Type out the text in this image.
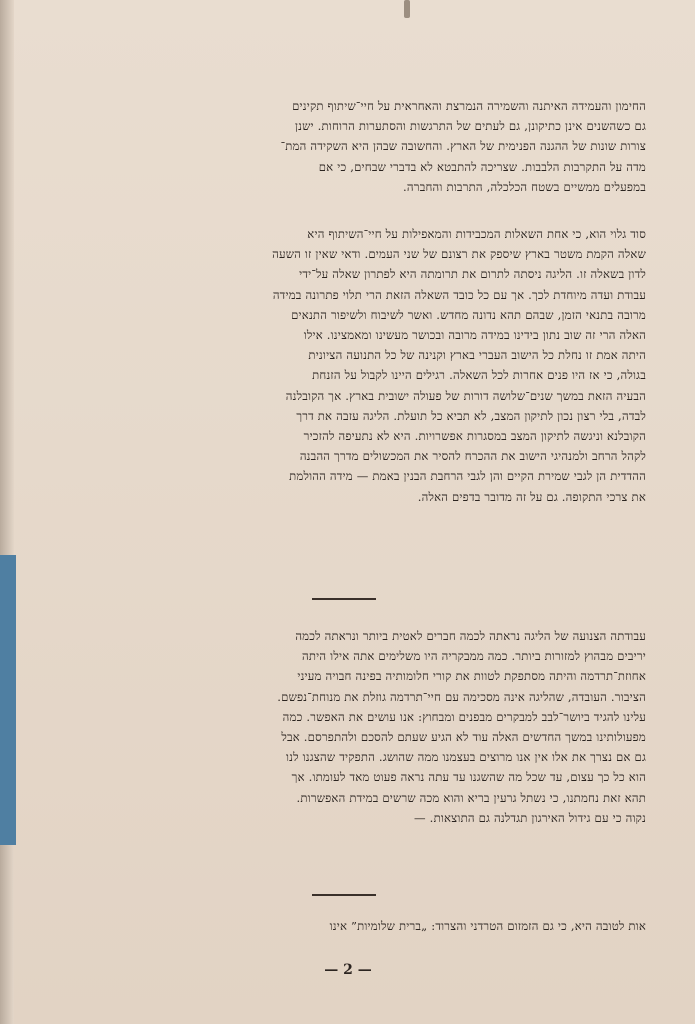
החימון והעמידה האיתנה והשמירה הנמרצת והאחראית על חיי־שיתוף תקינים
גם כשהשנים אינן כתיקונן, גם לעתים של התרגשות והסתערות הרוחות. ישנן
צורות שונות של ההגנה הפנימית של הארץ. והחשובה שבהן היא השקידה המת־
מדה על התקרבות הלבבות. שצריכה להתבטא לא בדברי שבחים, כי אם
במפעלים ממשיים בשטח הכלכלה, התרבות והחברה.
סוד גלוי הוא, כי אחת השאלות המכבידות והמאפילות על חיי־השיתוף היא
שאלה הקמת משטר בארץ שיספק את רצונם של שני העמים. ודאי שאין זו השעה
לדון בשאלה זו. הליגה ניסתה לתרום את תרומתה היא לפתרון שאלה על־ידי
עבודת ועדה מיוחדת לכך. אך עם כל כובד השאלה הזאת הרי תלוי פתרונה במידה
מרובה בתנאי הזמן, שבהם תהא נדונה מחדש. ואשר לשיבוח ולשיפור התנאים
האלה הרי זה שוב נתון בידינו במידה מרובה ובכושר מעשינו ומאמצינו. אילו
היתה אמת זו נחלת כל הישוב העברי בארץ וקנינה של כל התנועה הציונית
בגולה, כי אז היו פנים אחרות לכל השאלה. רגילים היינו לקבול על הזנחת
הבעיה הזאת במשך שנים־שלושה דורות של פעולה ישובית בארץ. אך הקובלנה
לבדה, בלי רצון נכון לתיקון המצב, לא תביא כל תועלת. הליגה עזבה את דרך
הקובלנא וניגשה לתיקון המצב במסגרות אפשרויות. היא לא נתעיפה להזכיר
לקהל הרחב ולמנהיגי הישוב את ההכרח להסיר את המכשולים מדרך ההבנה
ההדדית הן לגבי שמירת הקיים והן לגבי הרחבת הבנין באמת — מידה ההולמת
את צרכי התקופה. גם על זה מדובר בדפים האלה.
עבודתה הצנועה של הליגה נראתה לכמה חברים לאטית ביותר ונראתה לכמה
יריבים מבהוץ למזורות ביותר. כמה ממבקריה היו משלימים אתה אילו היתה
אחוזת־תרדמה והיתה מסתפקת לטוות את קורי חלומותיה בפינה חבויה מעיני
הציבור. העובדה, שהליגה אינה מסכימה עם חיי־תרדמה גוזלת את מנוחת־נפשם.
עלינו להגיד ביושר־לבב למבקרים מבפנים ומבחוץ: אנו עושים את האפשר. כמה
מפעולותינו במשך החדשים האלה עוד לא הגיע שעתם להסכם ולהתפרסם. אבל
גם אם נצרך את אלו אין אנו מרוצים בעצמנו ממה שהושג. התפקיד שהצגנו לנו
הוא כל כך עצום, עד שכל מה שהשגנו עד עתה נראה פעוט מאד לעומתו. אך
תהא זאת נחמתנו, כי נשתל גרעין בריא והוא מכה שרשים במידת האפשרות.
נקוה כי עם גידול האירגון תגדלנה גם התוצאות. —
אות לטובה היא, כי גם הזמזום הטרדני והצרוד: „ברית שלומיות” אינו
— 2 —
